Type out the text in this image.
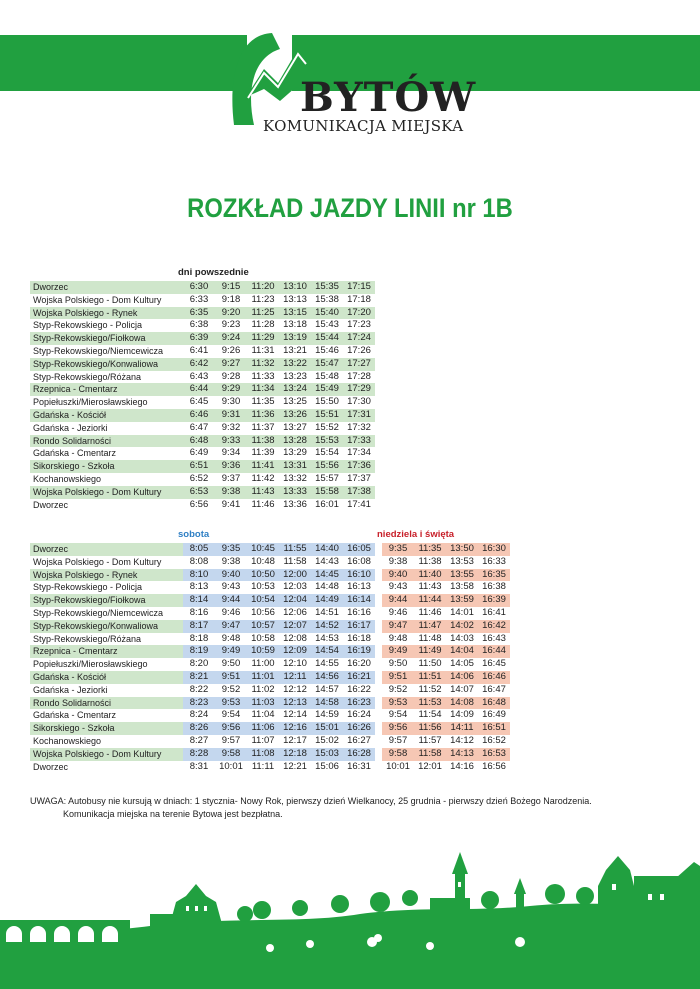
BYTÓW
KOMUNIKACJA MIEJSKA
ROZKŁAD JAZDY LINII nr 1B
dni powszednie
Dworzec		6:30	9:15	11:20	13:10	15:35	17:15
Wojska Polskiego - Dom Kultury		6:33	9:18	11:23	13:13	15:38	17:18
Wojska Polskiego - Rynek		6:35	9:20	11:25	13:15	15:40	17:20
Styp-Rekowskiego - Policja		6:38	9:23	11:28	13:18	15:43	17:23
Styp-Rekowskiego/Fiołkowa		6:39	9:24	11:29	13:19	15:44	17:24
Styp-Rekowskiego/Niemcewicza		6:41	9:26	11:31	13:21	15:46	17:26
Styp-Rekowskiego/Konwaliowa		6:42	9:27	11:32	13:22	15:47	17:27
Styp-Rekowskiego/Różana		6:43	9:28	11:33	13:23	15:48	17:28
Rzepnica - Cmentarz		6:44	9:29	11:34	13:24	15:49	17:29
Popiełuszki/Mierosławskiego		6:45	9:30	11:35	13:25	15:50	17:30
Gdańska - Kościół		6:46	9:31	11:36	13:26	15:51	17:31
Gdańska - Jeziorki		6:47	9:32	11:37	13:27	15:52	17:32
Rondo Solidarności		6:48	9:33	11:38	13:28	15:53	17:33
Gdańska - Cmentarz		6:49	9:34	11:39	13:29	15:54	17:34
Sikorskiego - Szkoła		6:51	9:36	11:41	13:31	15:56	17:36
Kochanowskiego		6:52	9:37	11:42	13:32	15:57	17:37
Wojska Polskiego - Dom Kultury		6:53	9:38	11:43	13:33	15:58	17:38
Dworzec		6:56	9:41	11:46	13:36	16:01	17:41
sobota	niedziela i święta
Dworzec		8:05	9:35	10:45	11:55	14:40	16:05		9:35	11:35	13:50	16:30
Wojska Polskiego - Dom Kultury		8:08	9:38	10:48	11:58	14:43	16:08		9:38	11:38	13:53	16:33
Wojska Polskiego - Rynek		8:10	9:40	10:50	12:00	14:45	16:10		9:40	11:40	13:55	16:35
Styp-Rekowskiego - Policja		8:13	9:43	10:53	12:03	14:48	16:13		9:43	11:43	13:58	16:38
Styp-Rekowskiego/Fiołkowa		8:14	9:44	10:54	12:04	14:49	16:14		9:44	11:44	13:59	16:39
Styp-Rekowskiego/Niemcewicza		8:16	9:46	10:56	12:06	14:51	16:16		9:46	11:46	14:01	16:41
Styp-Rekowskiego/Konwaliowa		8:17	9:47	10:57	12:07	14:52	16:17		9:47	11:47	14:02	16:42
Styp-Rekowskiego/Różana		8:18	9:48	10:58	12:08	14:53	16:18		9:48	11:48	14:03	16:43
Rzepnica - Cmentarz		8:19	9:49	10:59	12:09	14:54	16:19		9:49	11:49	14:04	16:44
Popiełuszki/Mierosławskiego		8:20	9:50	11:00	12:10	14:55	16:20		9:50	11:50	14:05	16:45
Gdańska - Kościół		8:21	9:51	11:01	12:11	14:56	16:21		9:51	11:51	14:06	16:46
Gdańska - Jeziorki		8:22	9:52	11:02	12:12	14:57	16:22		9:52	11:52	14:07	16:47
Rondo Solidarności		8:23	9:53	11:03	12:13	14:58	16:23		9:53	11:53	14:08	16:48
Gdańska - Cmentarz		8:24	9:54	11:04	12:14	14:59	16:24		9:54	11:54	14:09	16:49
Sikorskiego - Szkoła		8:26	9:56	11:06	12:16	15:01	16:26		9:56	11:56	14:11	16:51
Kochanowskiego		8:27	9:57	11:07	12:17	15:02	16:27		9:57	11:57	14:12	16:52
Wojska Polskiego - Dom Kultury		8:28	9:58	11:08	12:18	15:03	16:28		9:58	11:58	14:13	16:53
Dworzec		8:31	10:01	11:11	12:21	15:06	16:31		10:01	12:01	14:16	16:56
UWAGA: Autobusy nie kursują w dniach: 1 stycznia- Nowy Rok, pierwszy dzień Wielkanocy, 25 grudnia - pierwszy dzień Bożego Narodzenia.
Komunikacja miejska na terenie Bytowa jest bezpłatna.
